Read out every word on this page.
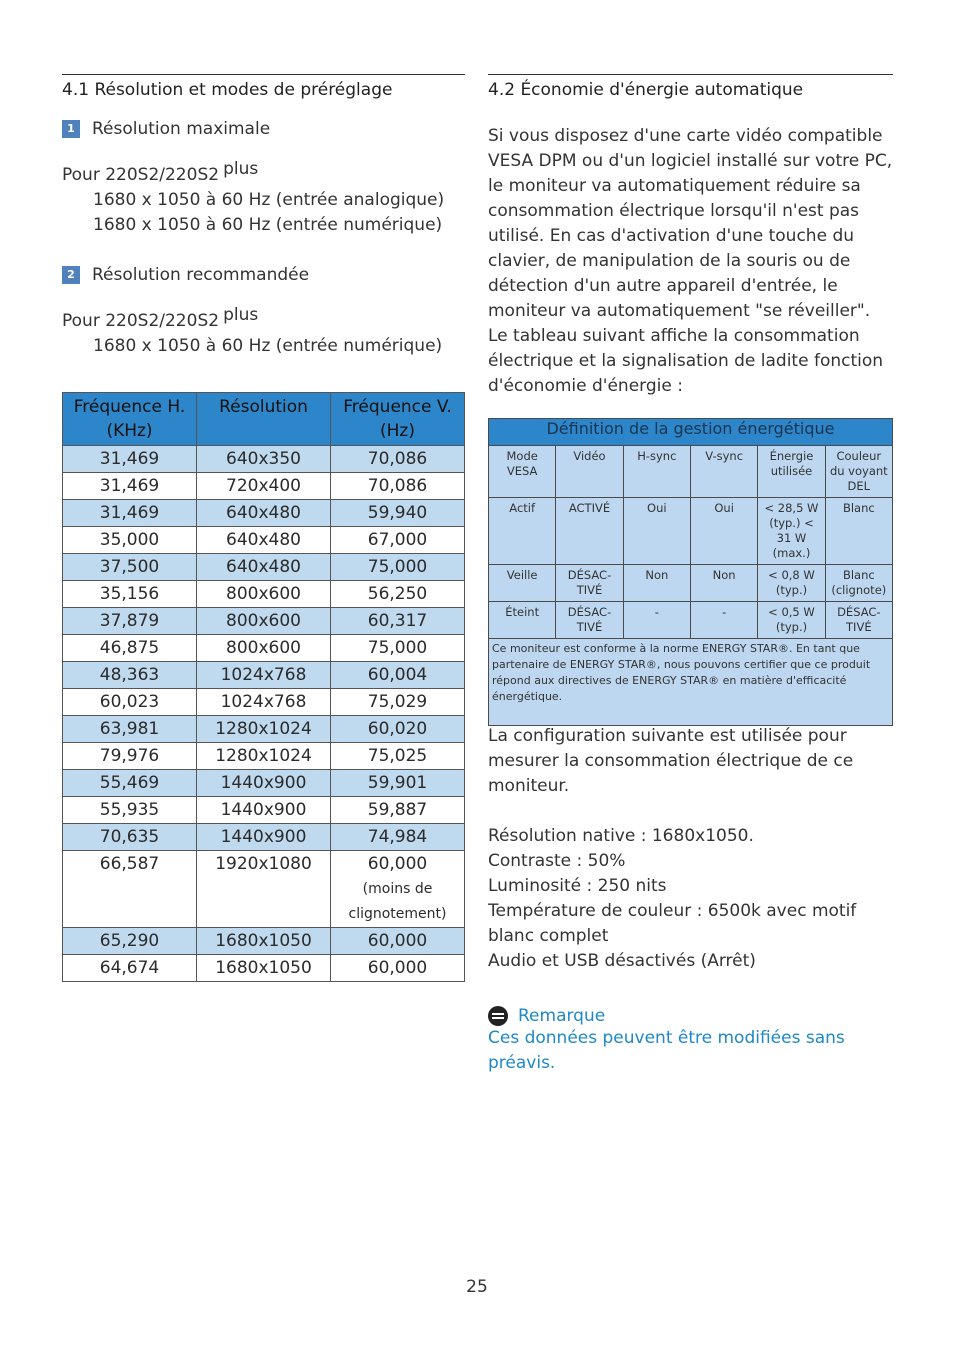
4.1 Résolution et modes de préréglage
1	Résolution maximale
Pour 220S2/220S2 plus
1680 x 1050 à 60 Hz (entrée analogique)
1680 x 1050 à 60 Hz (entrée numérique)
2	Résolution recommandée
Pour 220S2/220S2 plus
1680 x 1050 à 60 Hz (entrée numérique)
Fréquence H. (KHz)	Résolution	Fréquence V. (Hz)
31,469	640x350	70,086
31,469	720x400	70,086
31,469	640x480	59,940
35,000	640x480	67,000
37,500	640x480	75,000
35,156	800x600	56,250
37,879	800x600	60,317
46,875	800x600	75,000
48,363	1024x768	60,004
60,023	1024x768	75,029
63,981	1280x1024	60,020
79,976	1280x1024	75,025
55,469	1440x900	59,901
55,935	1440x900	59,887
70,635	1440x900	74,984
66,587	1920x1080	60,000
(moins de clignotement)

65,290	1680x1050	60,000
64,674	1680x1050	60,000
4.2 Économie d'énergie automatique
Si vous disposez d'une carte vidéo compatible VESA DPM ou d'un logiciel installé sur votre PC, le moniteur va automatiquement réduire sa consommation électrique lorsqu'il n'est pas utilisé. En cas d'activation d'une touche du clavier, de manipulation de la souris ou de détection d'un autre appareil d'entrée, le moniteur va automatiquement "se réveiller". Le tableau suivant affiche la consommation électrique et la signalisation de ladite fonction d'économie d'énergie :
Définition de la gestion énergétique					
Mode VESA	Vidéo	H-sync	V-sync	Énergie utilisée	Couleur du voyant DEL
Actif	ACTIVÉ	Oui	Oui	< 28,5 W (typ.) < 31 W (max.)	Blanc
Veille	DÉSAC-TIVÉ	Non	Non	< 0,8 W (typ.)	Blanc (clignote)
Éteint	DÉSAC-TIVÉ	-	-	< 0,5 W (typ.)	DÉSAC-TIVÉ
Ce moniteur est conforme à la norme ENERGY STAR®. En tant que partenaire de ENERGY STAR®, nous pouvons certifier que ce produit répond aux directives de ENERGY STAR® en matière d'efficacité énergétique.					
La configuration suivante est utilisée pour mesurer la consommation électrique de ce moniteur.
Résolution native : 1680x1050.
Contraste : 50%
Luminosité : 250 nits
Température de couleur : 6500k avec motif blanc complet
Audio et USB désactivés (Arrêt)
Remarque
Ces données peuvent être modifiées sans préavis.
25
